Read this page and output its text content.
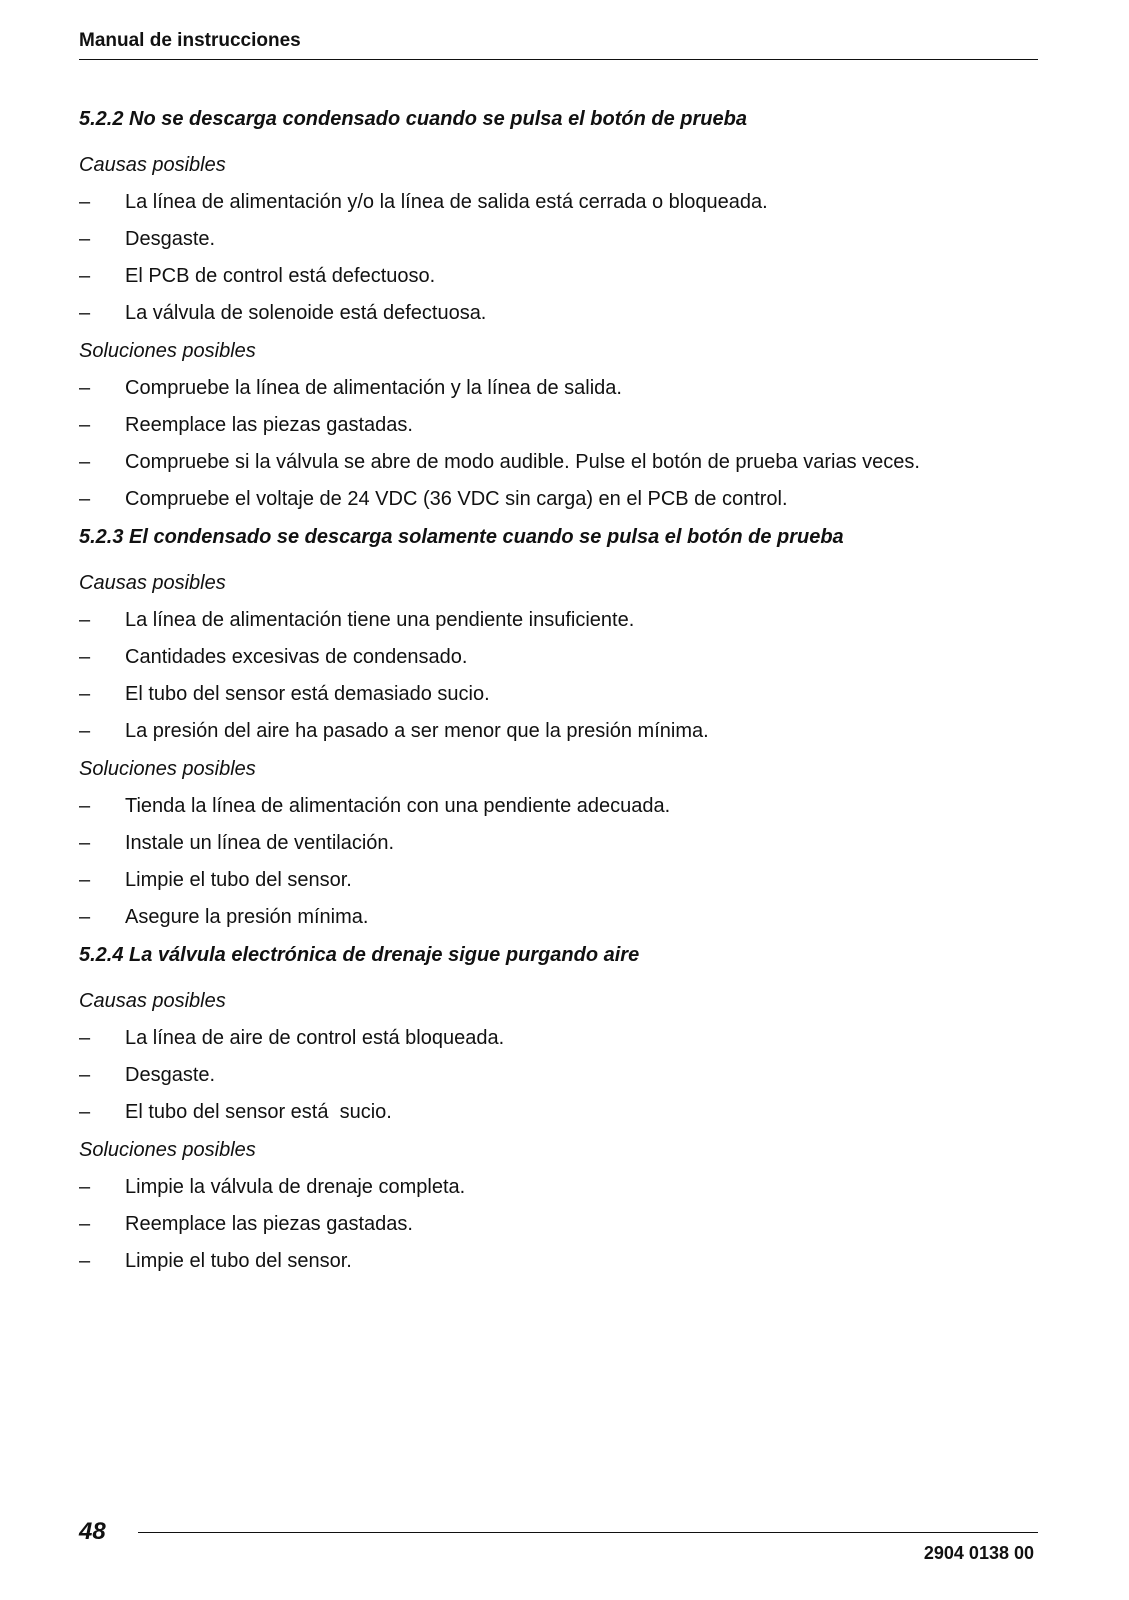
Manual de instrucciones
5.2.2 No se descarga condensado cuando se pulsa el botón de prueba
Causas posibles
– La línea de alimentación y/o la línea de salida está cerrada o bloqueada.
– Desgaste.
– El PCB de control está defectuoso.
– La válvula de solenoide está defectuosa.
Soluciones posibles
– Compruebe la línea de alimentación y la línea de salida.
– Reemplace las piezas gastadas.
– Compruebe si la válvula se abre de modo audible. Pulse el botón de prueba varias veces.
– Compruebe el voltaje de 24 VDC (36 VDC sin carga) en el PCB de control.
5.2.3 El condensado se descarga solamente cuando se pulsa el botón de prueba
Causas posibles
– La línea de alimentación tiene una pendiente insuficiente.
– Cantidades excesivas de condensado.
– El tubo del sensor está demasiado sucio.
– La presión del aire ha pasado a ser menor que la presión mínima.
Soluciones posibles
– Tienda la línea de alimentación con una pendiente adecuada.
– Instale un línea de ventilación.
– Limpie el tubo del sensor.
– Asegure la presión mínima.
5.2.4 La válvula electrónica de drenaje sigue purgando aire
Causas posibles
– La línea de aire de control está bloqueada.
– Desgaste.
– El tubo del sensor está  sucio.
Soluciones posibles
– Limpie la válvula de drenaje completa.
– Reemplace las piezas gastadas.
– Limpie el tubo del sensor.
48
2904 0138 00
